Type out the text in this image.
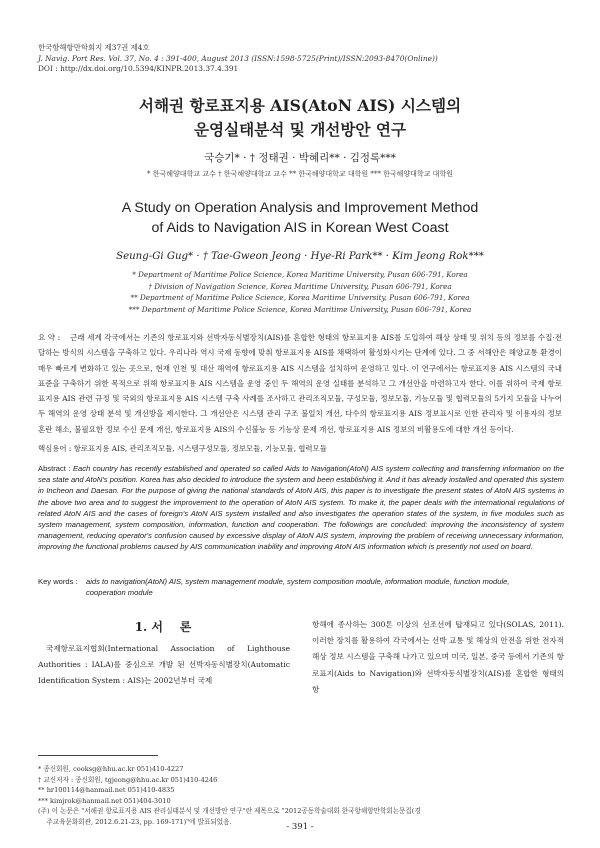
한국항해항만학회지 제37권 제4호
J. Navig. Port Res. Vol. 37, No. 4 : 391-400, August 2013 (ISSN:1598-5725(Print)/ISSN:2093-8470(Online))
DOI : http://dx.doi.org/10.5394/KINPR.2013.37.4.391
서해권 항로표지용 AIS(AtoN AIS) 시스템의
운영실태분석 및 개선방안 연구
국승기* · † 정태권 · 박혜리** · 김정록***
* 한국해양대학교 교수 † 한국해양대학교 교수 ** 한국해양대학교 대학원 *** 한국해양대학교 대학원
A Study on Operation Analysis and Improvement Method
of Aids to Navigation AIS in Korean West Coast
Seung-Gi Gug* · † Tae-Gweon Jeong · Hye-Ri Park** · Kim Jeong Rok***
* Department of Maritime Police Science, Korea Maritime University, Pusan 606-791, Korea
† Division of Navigation Science, Korea Maritime University, Pusan 606-791, Korea
** Department of Maritime Police Science, Korea Maritime University, Pusan 606-791, Korea
*** Department of Maritime Police Science, Korea Maritime University, Pusan 606-791, Korea
요 약 : 근래 세계 각국에서는 기존의 항로표지와 선박자동식별장치(AIS)를 혼합한 형태의 항로표지용 AIS를 도입하여 해상 상태 및 위치 등의 정보를 수집·전달하는 방식의 시스템을 구축하고 있다. 우리나라 역시 국제 동향에 맞춰 항로표지용 AIS를 채택하여 활성화시키는 단계에 있다. 그 중 서해안은 해양교통 환경이 매우 빠르게 변화하고 있는 곳으로, 현재 인천 및 대산 해역에 항로표지용 AIS 시스템을 설치하여 운영하고 있다. 이 연구에서는 항로표지용 AIS 시스템의 국내 표준을 구축하기 위한 목적으로 위해 항로표지용 AIS 시스템을 운영 중인 두 해역의 운영 실태를 분석하고 그 개선안을 마련하고자 한다. 이를 위하여 국제 항로표지용 AIS 관련 규정 및 국외의 항로표지용 AIS 시스템 구축 사례를 조사하고 관리조직모듈, 구성모듈, 정보모듈, 기능모듈 및 협력모듈의 5가지 모듈을 나누어 두 해역의 운영 상태 분석 및 개선방을 제시한다. 그 개선안은 시스템 관리 구조 불일치 개선, 다수의 항로표지용 AIS 정보표시로 인한 관리자 및 이용자의 정보 혼란 해소, 불필요한 정보 수신 문제 개선, 항로표지용 AIS의 수신불능 등 기능상 문제 개선, 항로표지용 AIS 정보의 비활용도에 대한 개선 등이다.
핵심용어 : 항로표지용 AIS, 관리조직모듈, 시스템구성모듈, 정보모듈, 기능모듈, 협력모듈
Abstract : Each country has recently established and operated so called Aids to Navigation(AtoN) AIS system collecting and transferring information on the sea state and AtoN's position. Korea has also decided to introduce the system and been establishing it. And it has already installed and operated this system in Incheon and Daesan. For the purpose of giving the national standards of AtoN AIS, this paper is to investigate the present states of AtoN AIS systems in the above two area and to suggest the improvement to the operation of AtoN AIS system. To make it, the paper deals with the international regulations of related AtoN AIS and the cases of foreign's AtoN AIS system installed and also investigates the operation states of the system, in five modules such as system management, system composition, information, function and cooperation. The followings are concluded: improving the inconsistency of system management, reducing operator's confusion caused by excessive display of AtoN AIS system, improving the problem of receiving unnecessary information, improving the functional problems caused by AIS communication inability and improving AtoN AIS information which is presently not used on board.
Key words : aids to navigation(AtoN) AIS, system management module, system composition module, information module, function module,
cooperation module
1. 서    론
국제항로표지협회(International Association of Lighthouse Authorities : IALA)를 중심으로 개발 된 선박자동식별장치(Automatic Identification System : AIS)는 2002년부터 국제
항해에 종사하는 300톤 이상의 선조선에 탑재되고 있다(SOLAS, 2011). 이러한 장치를 활용하여 각국에서는 선박 교통 및 해상의 안전을 위한 전자적 해상 정보 시스템을 구축해 나가고 있으며 미국, 일본, 중국 등에서 기존의 항로표지(Aids to Navigation)와 선박자동식별장치(AIS)를 혼합한 형태의 항
* 종신회원, cooksg@hhu.ac.kr 051)410-4227
† 교신저자 : 종신회원, tgjeong@hhu.ac.kr 051)410-4246
** hr100114@hanmail.net 051)410-4835
*** kimjrok@hanmail.net 051)404-3010
(주) 이 논문은 "서해권 항로표지용 AIS 관리실태분석 및 개선방안 연구"란 제목으로 "2012공동학술대회 한국항해항만학회논문집(경
주교육문화회관, 2012.6.21-23, pp. 169-171)"에 발표되었음.
- 391 -
